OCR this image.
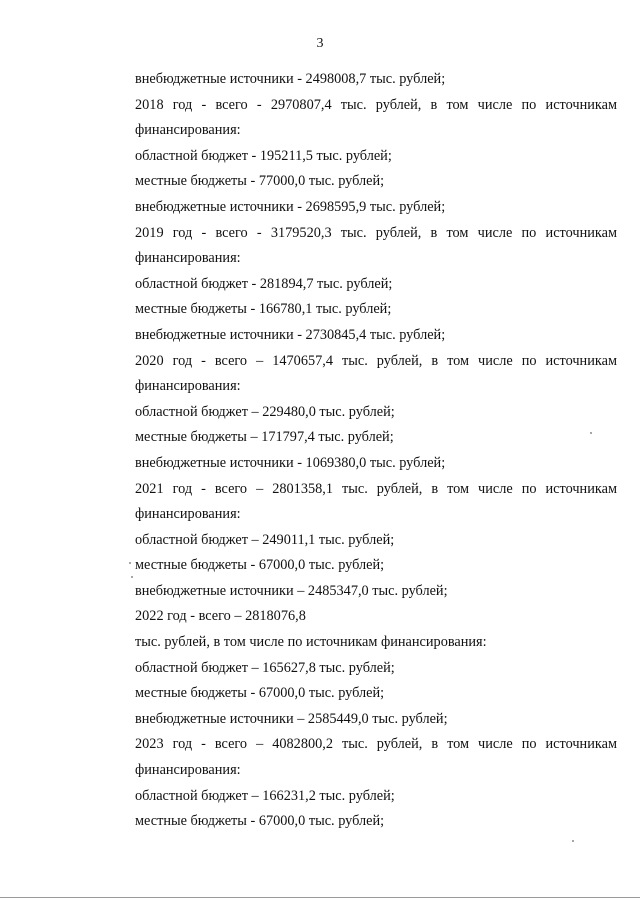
3
внебюджетные источники - 2498008,7 тыс. рублей;
2018 год - всего - 2970807,4 тыс. рублей, в том числе по источникам
финансирования:
областной бюджет - 195211,5 тыс. рублей;
местные бюджеты - 77000,0 тыс. рублей;
внебюджетные источники - 2698595,9 тыс. рублей;
2019 год - всего - 3179520,3 тыс. рублей, в том числе по источникам
финансирования:
областной бюджет - 281894,7 тыс. рублей;
местные бюджеты - 166780,1 тыс. рублей;
внебюджетные источники - 2730845,4 тыс. рублей;
2020 год - всего – 1470657,4 тыс. рублей, в том числе по источникам
финансирования:
областной бюджет – 229480,0 тыс. рублей;
местные бюджеты – 171797,4 тыс. рублей;
внебюджетные источники - 1069380,0 тыс. рублей;
2021 год - всего – 2801358,1 тыс. рублей, в том числе по источникам
финансирования:
областной бюджет – 249011,1 тыс. рублей;
местные бюджеты - 67000,0 тыс. рублей;
внебюджетные источники – 2485347,0 тыс. рублей;
2022 год - всего – 2818076,8
тыс. рублей, в том числе по источникам финансирования:
областной бюджет – 165627,8 тыс. рублей;
местные бюджеты - 67000,0 тыс. рублей;
внебюджетные источники – 2585449,0 тыс. рублей;
2023 год - всего – 4082800,2 тыс. рублей, в том числе по источникам
финансирования:
областной бюджет – 166231,2 тыс. рублей;
местные бюджеты - 67000,0 тыс. рублей;
